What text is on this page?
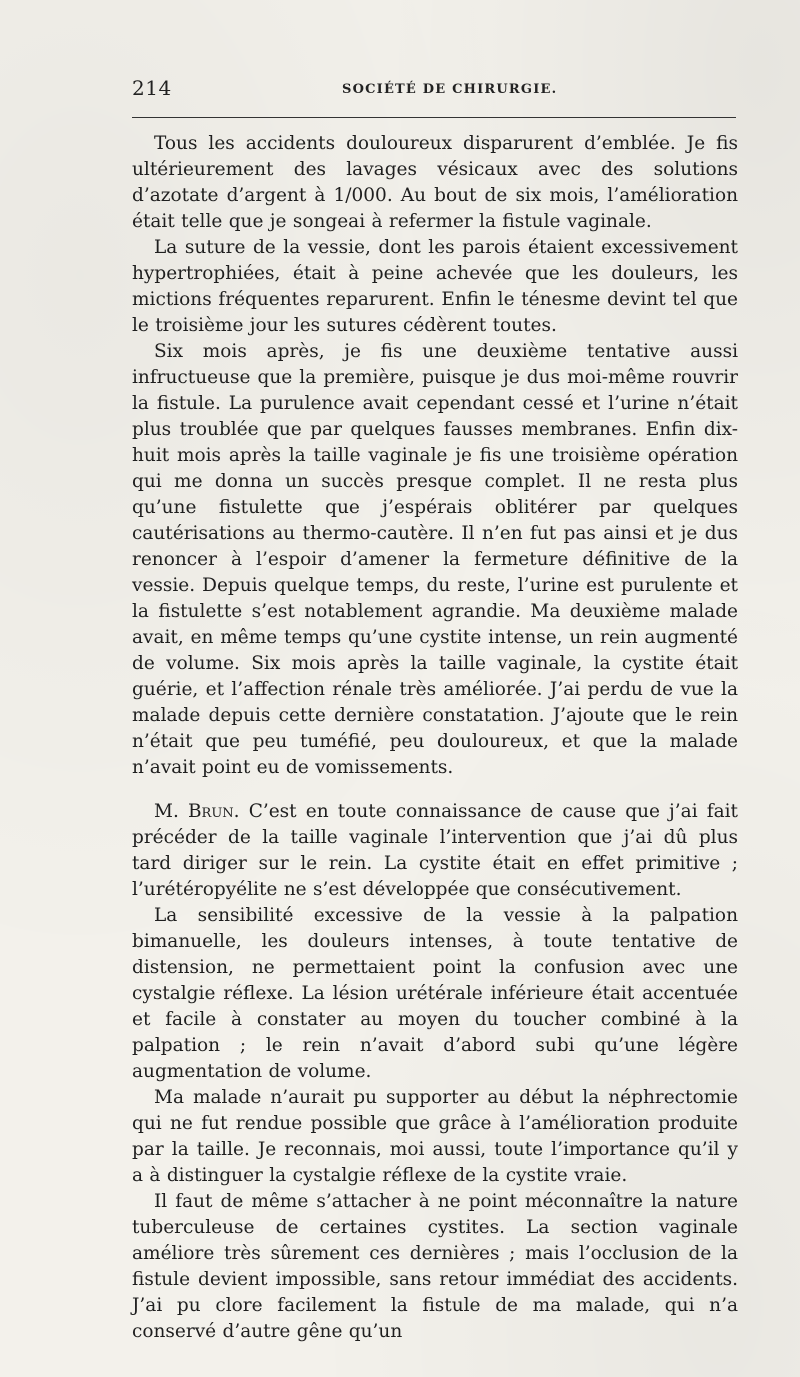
214	SOCIÉTÉ DE CHIRURGIE.

Tous les accidents douloureux disparurent d’emblée. Je fis ultérieurement des lavages vésicaux avec des solutions d’azotate d’argent à 1/000. Au bout de six mois, l’amélioration était telle que je songeai à refermer la fistule vaginale.

La suture de la vessie, dont les parois étaient excessivement hypertrophiées, était à peine achevée que les douleurs, les mictions fréquentes reparurent. Enfin le ténesme devint tel que le troisième jour les sutures cédèrent toutes.

Six mois après, je fis une deuxième tentative aussi infructueuse que la première, puisque je dus moi-même rouvrir la fistule. La purulence avait cependant cessé et l’urine n’était plus troublée que par quelques fausses membranes. Enfin dix-huit mois après la taille vaginale je fis une troisième opération qui me donna un succès presque complet. Il ne resta plus qu’une fistulette que j’espérais oblitérer par quelques cautérisations au thermo-cautère. Il n’en fut pas ainsi et je dus renoncer à l’espoir d’amener la fermeture définitive de la vessie. Depuis quelque temps, du reste, l’urine est purulente et la fistulette s’est notablement agrandie. Ma deuxième malade avait, en même temps qu’une cystite intense, un rein augmenté de volume. Six mois après la taille vaginale, la cystite était guérie, et l’affection rénale très améliorée. J’ai perdu de vue la malade depuis cette dernière constatation. J’ajoute que le rein n’était que peu tuméfié, peu douloureux, et que la malade n’avait point eu de vomissements.

M. Brun. C’est en toute connaissance de cause que j’ai fait précéder de la taille vaginale l’intervention que j’ai dû plus tard diriger sur le rein. La cystite était en effet primitive ; l’urétéropyélite ne s’est développée que consécutivement.

La sensibilité excessive de la vessie à la palpation bimanuelle, les douleurs intenses, à toute tentative de distension, ne permettaient point la confusion avec une cystalgie réflexe. La lésion urétérale inférieure était accentuée et facile à constater au moyen du toucher combiné à la palpation ; le rein n’avait d’abord subi qu’une légère augmentation de volume.

Ma malade n’aurait pu supporter au début la néphrectomie qui ne fut rendue possible que grâce à l’amélioration produite par la taille. Je reconnais, moi aussi, toute l’importance qu’il y a à distinguer la cystalgie réflexe de la cystite vraie.

Il faut de même s’attacher à ne point méconnaître la nature tuberculeuse de certaines cystites. La section vaginale améliore très sûrement ces dernières ; mais l’occlusion de la fistule devient impossible, sans retour immédiat des accidents. J’ai pu clore facilement la fistule de ma malade, qui n’a conservé d’autre gêne qu’un
